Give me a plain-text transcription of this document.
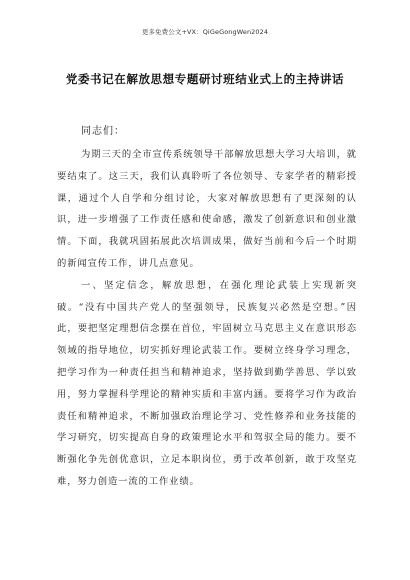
更多免费公文+VX：QiGeGongWen2024
党委书记在解放思想专题研讨班结业式上的主持讲话

同志们：

为期三天的全市宣传系统领导干部解放思想大学习大培训，就要结束了。这三天，我们认真聆听了各位领导、专家学者的精彩授课，通过个人自学和分组讨论，大家对解放思想有了更深刻的认识，进一步增强了工作责任感和使命感，激发了创新意识和创业激情。下面，我就巩固拓展此次培训成果，做好当前和今后一个时期的新闻宣传工作，讲几点意见。

一、坚定信念，解放思想，在强化理论武装上实现新突破。“没有中国共产党人的坚强领导，民族复兴必然是空想。”因此，要把坚定理想信念摆在首位，牢固树立马克思主义在意识形态领域的指导地位，切实抓好理论武装工作。要树立终身学习理念，把学习作为一种责任担当和精神追求，坚持做到勤学善思、学以致用，努力掌握科学理论的精神实质和丰富内涵。要将学习作为政治责任和精神追求，不断加强政治理论学习、党性修养和业务技能的学习研究，切实提高自身的政策理论水平和驾驭全局的能力。要不断强化争先创优意识，立足本职岗位，勇于改革创新，敢于攻坚克难，努力创造一流的工作业绩。
